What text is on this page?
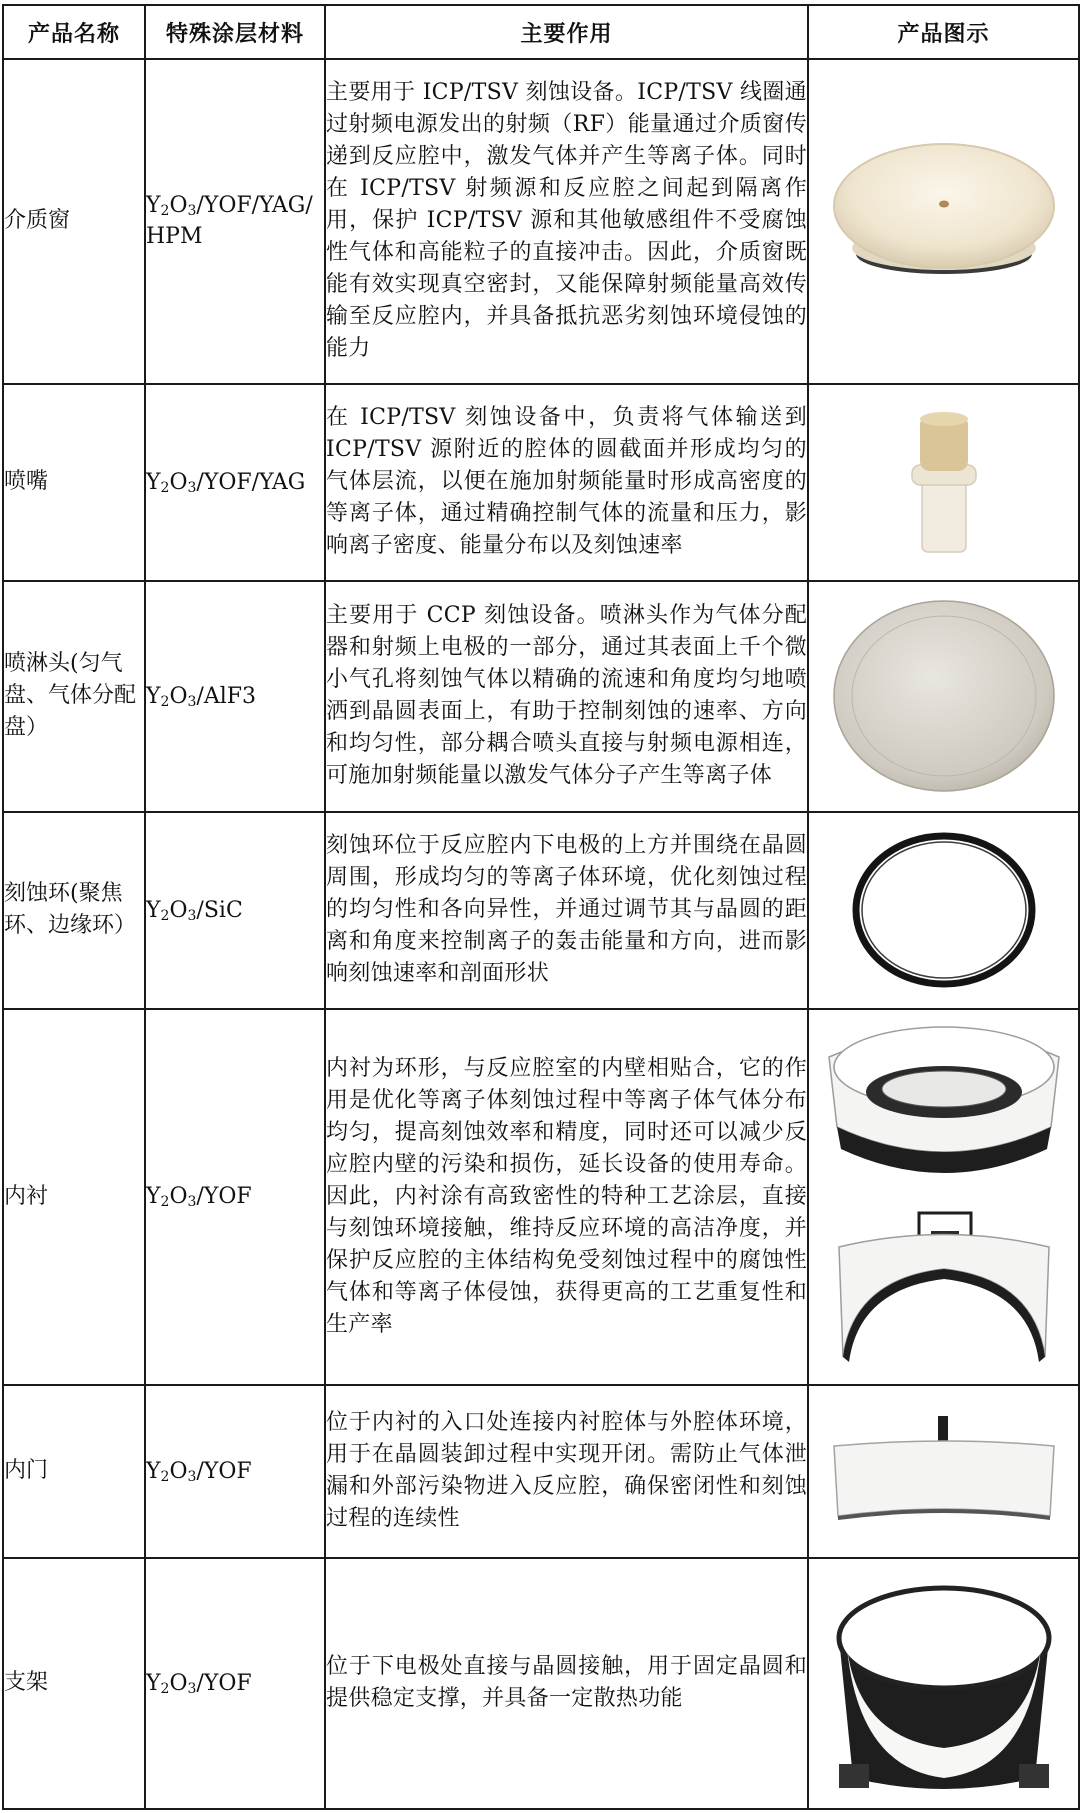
产品名称	特殊涂层材料	主要作用	产品图示
介质窗	$Y_2O_3/YOF/YAG$/HPM	主要用于 ICP/TSV 刻蚀设备。ICP/TSV 线圈通过射频电源发出的射频（RF）能量通过介质窗传递到反应腔中，激发气体并产生等离子体。同时在 ICP/TSV 射频源和反应腔之间起到隔离作用，保护 ICP/TSV 源和其他敏感组件不受腐蚀性气体和高能粒子的直接冲击。因此，介质窗既能有效实现真空密封，又能保障射频能量高效传输至反应腔内，并具备抵抗恶劣刻蚀环境侵蚀的能力	

喷嘴	$Y_2O_3/YOF$/YAG	在 ICP/TSV 刻蚀设备中，负责将气体输送到 ICP/TSV 源附近的腔体的圆截面并形成均匀的气体层流，以便在施加射频能量时形成高密度的等离子体，通过精确控制气体的流量和压力，影响离子密度、能量分布以及刻蚀速率	

喷淋头(匀气盘、气体分配盘）	$Y_2O_3/AlF3$	主要用于 CCP 刻蚀设备。喷淋头作为气体分配器和射频上电极的一部分，通过其表面上千个微小气孔将刻蚀气体以精确的流速和角度均匀地喷洒到晶圆表面上，有助于控制刻蚀的速率、方向和均匀性，部分耦合喷头直接与射频电源相连，可施加射频能量以激发气体分子产生等离子体	

刻蚀环(聚焦环、边缘环）	$Y_2O_3$/SiC	刻蚀环位于反应腔内下电极的上方并围绕在晶圆周围，形成均匀的等离子体环境，优化刻蚀过程的均匀性和各向异性，并通过调节其与晶圆的距离和角度来控制离子的轰击能量和方向，进而影响刻蚀速率和剖面形状	

内衬	$Y_2O_3$/YOF	内衬为环形，与反应腔室的内壁相贴合，它的作用是优化等离子体刻蚀过程中等离子体气体分布均匀，提高刻蚀效率和精度，同时还可以减少反应腔内壁的污染和损伤，延长设备的使用寿命。因此，内衬涂有高致密性的特种工艺涂层，直接与刻蚀环境接触，维持反应环境的高洁净度，并保护反应腔的主体结构免受刻蚀过程中的腐蚀性气体和等离子体侵蚀，获得更高的工艺重复性和生产率	

内门	$Y_2O_3$/YOF	位于内衬的入口处连接内衬腔体与外腔体环境，用于在晶圆装卸过程中实现开闭。需防止气体泄漏和外部污染物进入反应腔，确保密闭性和刻蚀过程的连续性	

支架	$Y_2O_3$/YOF	位于下电极处直接与晶圆接触，用于固定晶圆和提供稳定支撑，并具备一定散热功能	
